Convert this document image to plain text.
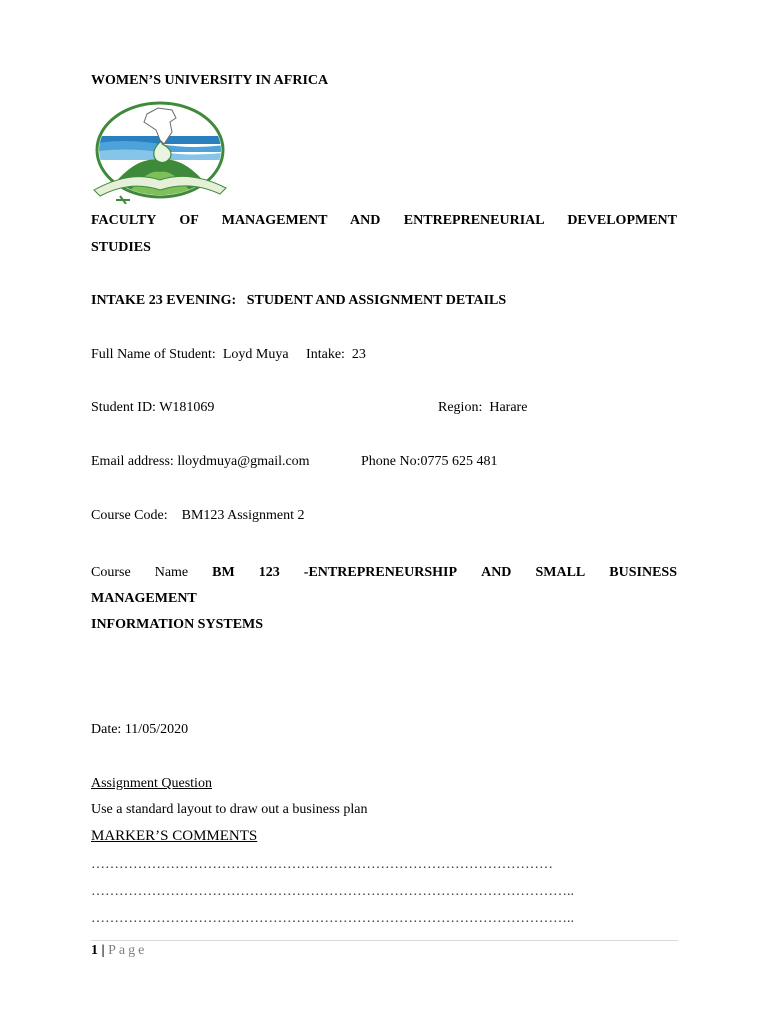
WOMEN’S UNIVERSITY IN AFRICA
FACULTY OF MANAGEMENT AND ENTREPRENEURIAL DEVELOPMENT
STUDIES
INTAKE 23 EVENING:   STUDENT AND ASSIGNMENT DETAILS
Full Name of Student: Loyd Muya Intake: 23
Student ID: W181069	Region: Harare
Email address: lloydmuya@gmail.com	Phone No:0775 625 481
Course Code: BM123 Assignment 2
Course Name BM 123 -ENTREPRENEURSHIP AND SMALL BUSINESS
MANAGEMENT
INFORMATION SYSTEMS
Date: 11/05/2020
Assignment Question
Use a standard layout to draw out a business plan
MARKER’S COMMENTS
………………………………………………………………………………………
…………………………………………………………………………………………..
…………………………………………………………………………………………..
1 | Page
